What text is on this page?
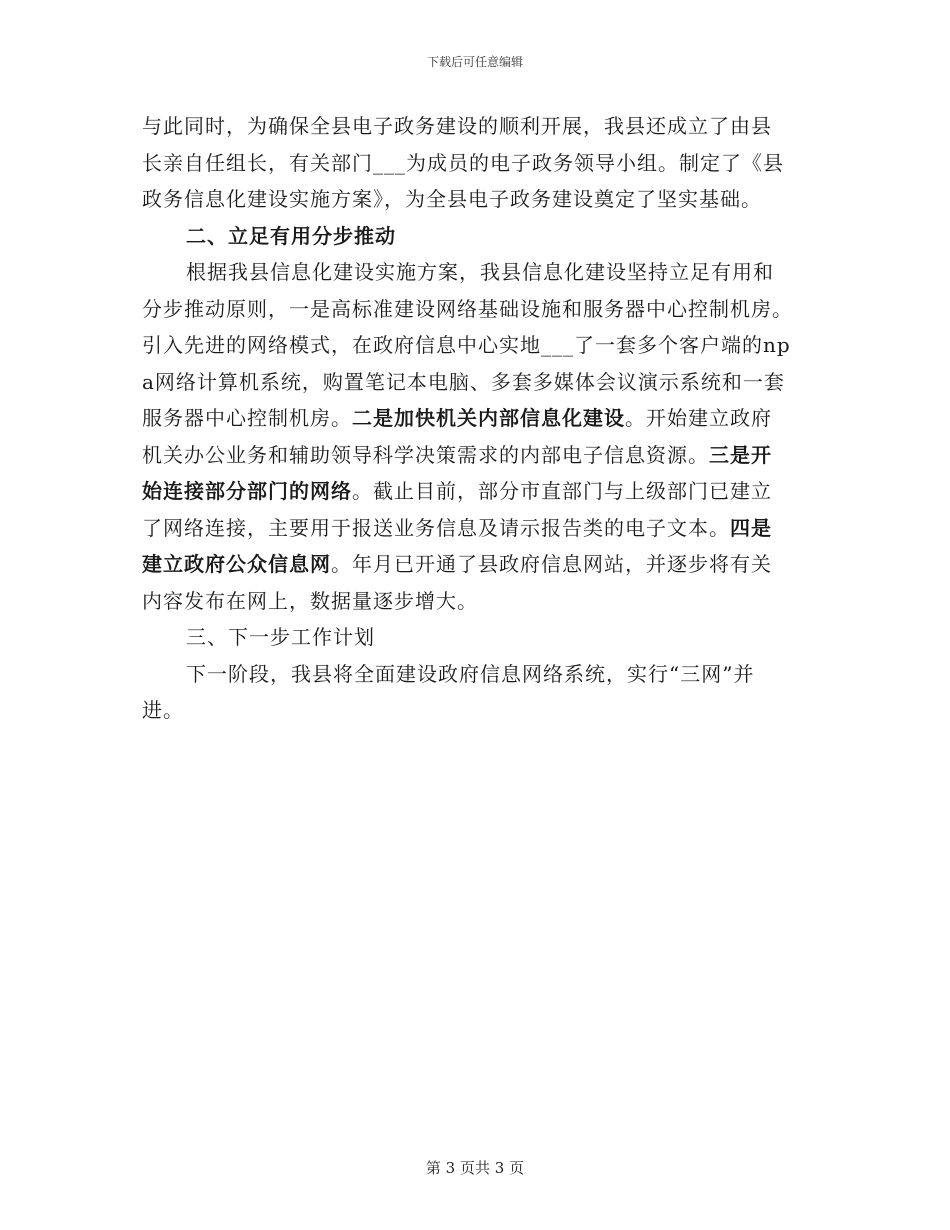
下载后可任意编辑
与此同时，为确保全县电子政务建设的顺利开展，我县还成立了由县
长亲自任组长，有关部门___为成员的电子政务领导小组。制定了《县
政务信息化建设实施方案》，为全县电子政务建设奠定了坚实基础。
二、立足有用分步推动
根据我县信息化建设实施方案，我县信息化建设坚持立足有用和
分步推动原则，一是高标准建设网络基础设施和服务器中心控制机房。
引入先进的网络模式，在政府信息中心实地___了一套多个客户端的np
a网络计算机系统，购置笔记本电脑、多套多媒体会议演示系统和一套
服务器中心控制机房。二是加快机关内部信息化建设。开始建立政府
机关办公业务和辅助领导科学决策需求的内部电子信息资源。三是开
始连接部分部门的网络。截止目前，部分市直部门与上级部门已建立
了网络连接，主要用于报送业务信息及请示报告类的电子文本。四是
建立政府公众信息网。年月已开通了县政府信息网站，并逐步将有关
内容发布在网上，数据量逐步增大。
三、下一步工作计划
下一阶段，我县将全面建设政府信息网络系统，实行“三网”并
进。
第 3 页共 3 页
